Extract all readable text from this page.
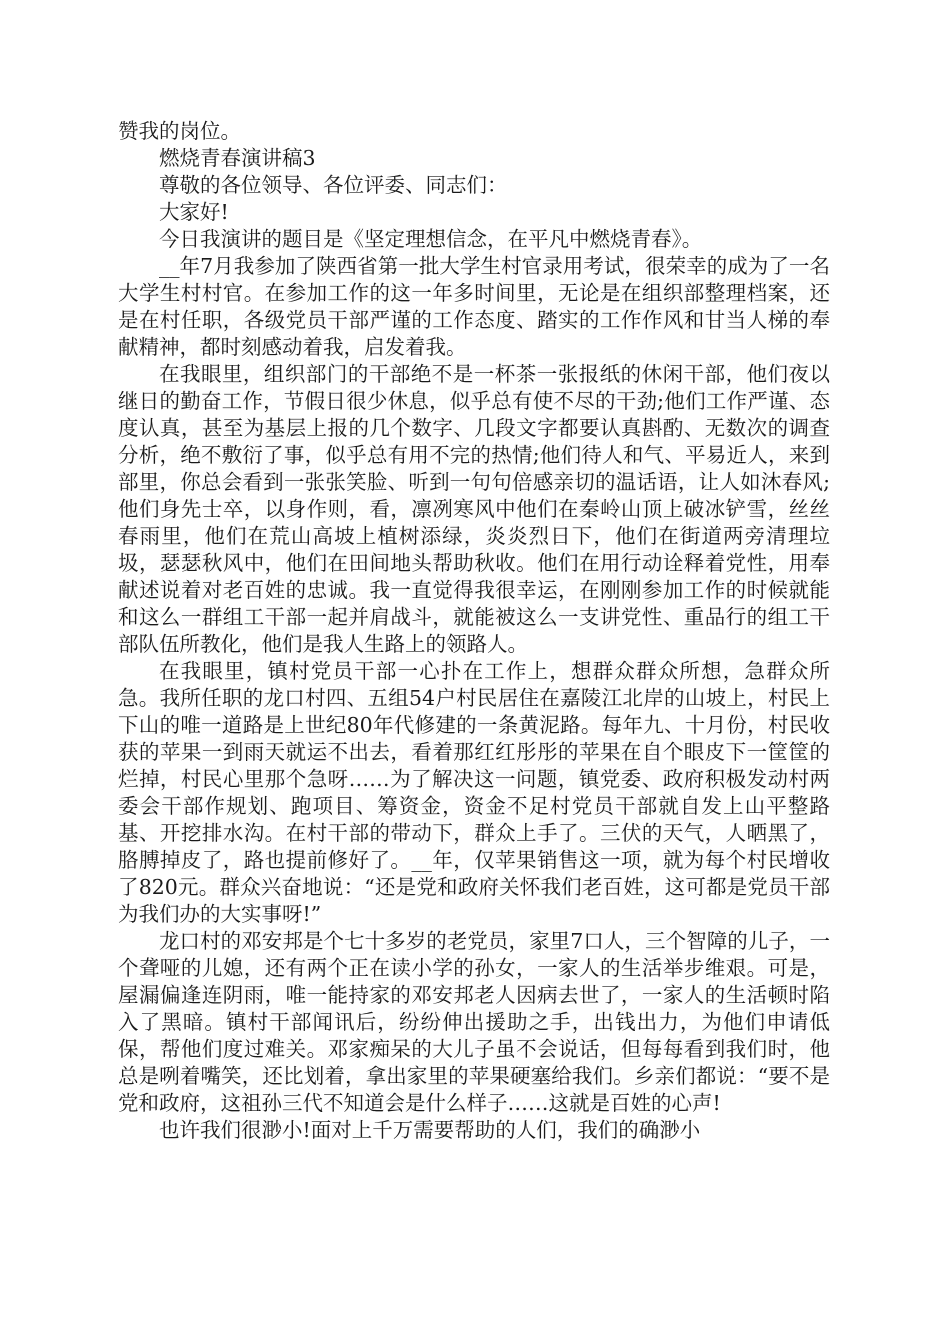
赞我的岗位。

燃烧青春演讲稿3

尊敬的各位领导、各位评委、同志们：

大家好!

今日我演讲的题目是《坚定理想信念，在平凡中燃烧青春》。

__年7月我参加了陕西省第一批大学生村官录用考试，很荣幸的成为了一名大学生村村官。在参加工作的这一年多时间里，无论是在组织部整理档案，还是在村任职，各级党员干部严谨的工作态度、踏实的工作作风和甘当人梯的奉献精神，都时刻感动着我，启发着我。

在我眼里，组织部门的干部绝不是一杯茶一张报纸的休闲干部，他们夜以继日的勤奋工作，节假日很少休息，似乎总有使不尽的干劲;他们工作严谨、态度认真，甚至为基层上报的几个数字、几段文字都要认真斟酌、无数次的调查分析，绝不敷衍了事，似乎总有用不完的热情;他们待人和气、平易近人，来到部里，你总会看到一张张笑脸、听到一句句倍感亲切的温话语，让人如沐春风;他们身先士卒，以身作则，看，凛冽寒风中他们在秦岭山顶上破冰铲雪，丝丝春雨里，他们在荒山高坡上植树添绿，炎炎烈日下，他们在街道两旁清理垃圾，瑟瑟秋风中，他们在田间地头帮助秋收。他们在用行动诠释着党性，用奉献述说着对老百姓的忠诚。我一直觉得我很幸运，在刚刚参加工作的时候就能和这么一群组工干部一起并肩战斗，就能被这么一支讲党性、重品行的组工干部队伍所教化，他们是我人生路上的领路人。

在我眼里，镇村党员干部一心扑在工作上，想群众群众所想，急群众所急。我所任职的龙口村四、五组54户村民居住在嘉陵江北岸的山坡上，村民上下山的唯一道路是上世纪80年代修建的一条黄泥路。每年九、十月份，村民收获的苹果一到雨天就运不出去，看着那红红彤彤的苹果在自个眼皮下一筐筐的烂掉，村民心里那个急呀……为了解决这一问题，镇党委、政府积极发动村两委会干部作规划、跑项目、筹资金，资金不足村党员干部就自发上山平整路基、开挖排水沟。在村干部的带动下，群众上手了。三伏的天气，人晒黑了，胳膊掉皮了，路也提前修好了。__年，仅苹果销售这一项，就为每个村民增收了820元。群众兴奋地说：“还是党和政府关怀我们老百姓，这可都是党员干部为我们办的大实事呀!”

龙口村的邓安邦是个七十多岁的老党员，家里7口人，三个智障的儿子，一个聋哑的儿媳，还有两个正在读小学的孙女，一家人的生活举步维艰。可是，屋漏偏逢连阴雨，唯一能持家的邓安邦老人因病去世了，一家人的生活顿时陷入了黑暗。镇村干部闻讯后，纷纷伸出援助之手，出钱出力，为他们申请低保，帮他们度过难关。邓家痴呆的大儿子虽不会说话，但每每看到我们时，他总是咧着嘴笑，还比划着，拿出家里的苹果硬塞给我们。乡亲们都说：“要不是党和政府，这祖孙三代不知道会是什么样子……这就是百姓的心声!

也许我们很渺小!面对上千万需要帮助的人们，我们的确渺小
